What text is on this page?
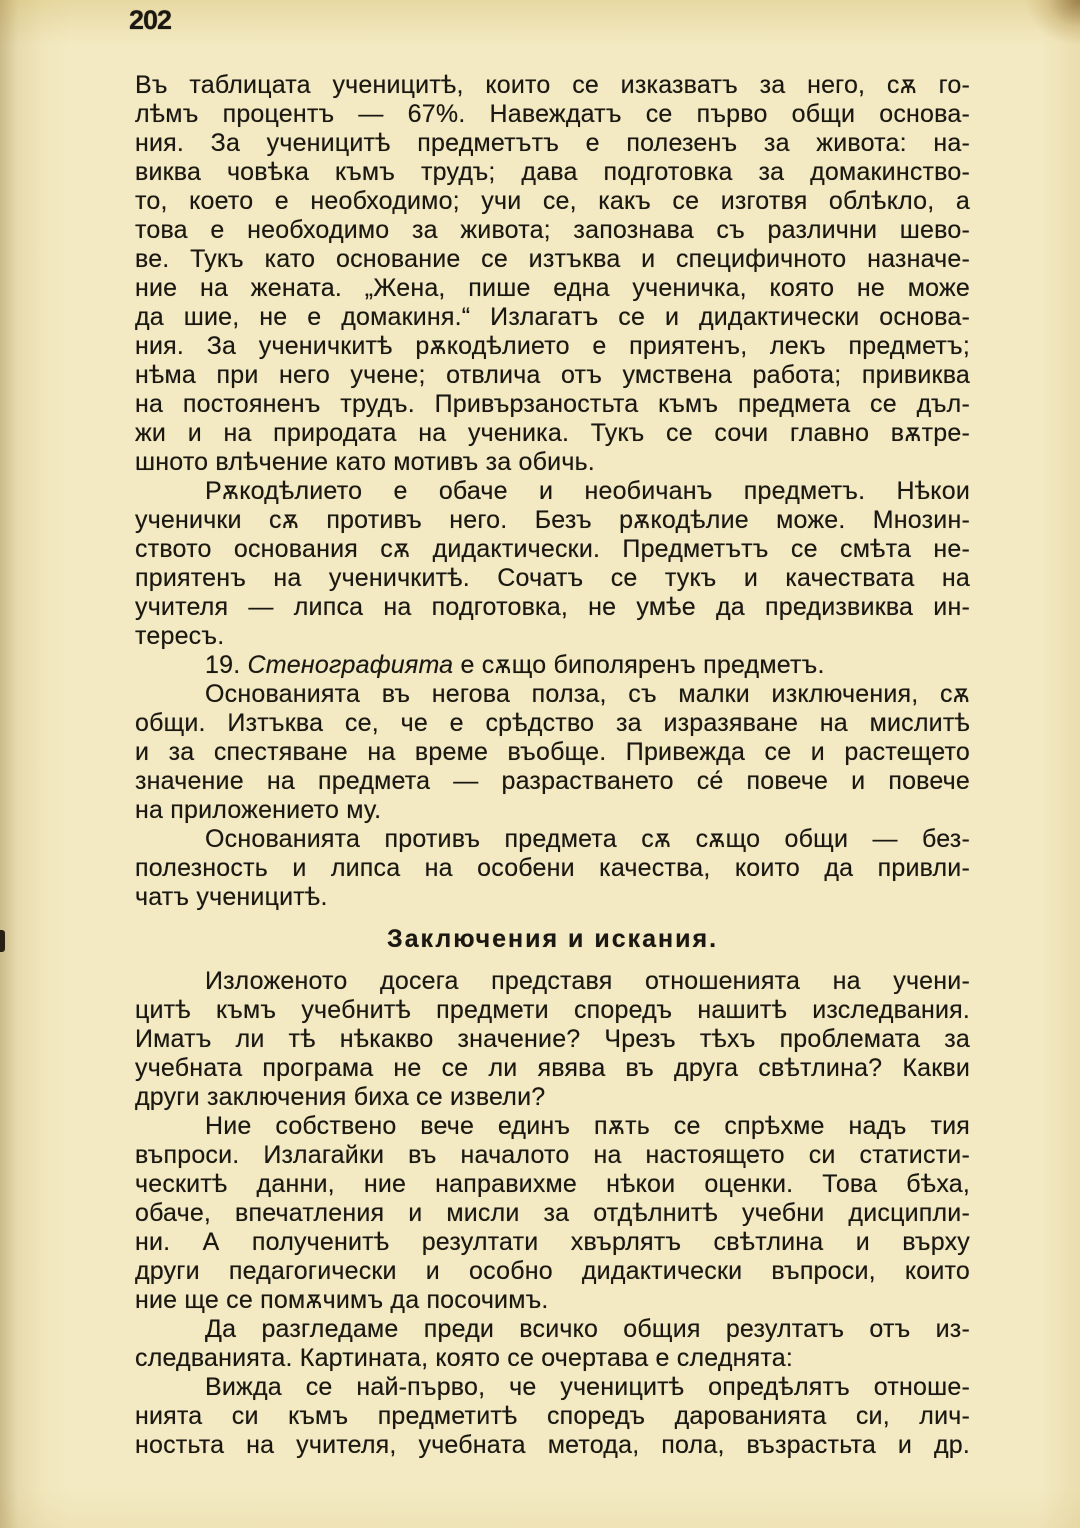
202
Въ таблицата ученицитѣ, които се изказватъ за него, сѫ го-
лѣмъ процентъ — 67%. Навеждатъ се първо общи основа-
ния. За ученицитѣ предметътъ е полезенъ за живота: на-
виква човѣка къмъ трудъ; дава подготовка за домакинство-
то, което е необходимо; учи се, какъ се изготвя облѣкло, а
това е необходимо за живота; запознава съ различни шево-
ве. Тукъ като основание се изтъква и специфичното назначе-
ние на жената. „Жена, пише една ученичка, която не може
да шие, не е домакиня.“ Излагатъ се и дидактически основа-
ния. За ученичкитѣ рѫкодѣлието е приятенъ, лекъ предметъ;
нѣма при него учене; отвлича отъ умствена работа; привиква
на постояненъ трудъ. Привързаностьта къмъ предмета се дъл-
жи и на природата на ученика. Тукъ се сочи главно вѫтре-
шното влѣчение като мотивъ за обичь.
Рѫкодѣлието е обаче и необичанъ предметъ. Нѣкои
ученички сѫ противъ него. Безъ рѫкодѣлие може. Мнозин-
ството основания сѫ дидактически. Предметътъ се смѣта не-
приятенъ на ученичкитѣ. Сочатъ се тукъ и качествата на
учителя — липса на подготовка, не умѣе да предизвиква ин-
тересъ.
19. Стенографията е сѫщо биполяренъ предметъ.
Основанията въ негова полза, съ малки изключения, сѫ
общи. Изтъква се, че е срѣдство за изразяване на мислитѣ
и за спестяване на време въобще. Привежда се и растещето
значение на предмета — разрастването се́ повече и повече
на приложението му.
Основанията противъ предмета сѫ сѫщо общи — без-
полезность и липса на особени качества, които да привли-
чатъ ученицитѣ.
Заключения и искания.
Изложеното досега представя отношенията на учени-
цитѣ къмъ учебнитѣ предмети споредъ нашитѣ изследвания.
Иматъ ли тѣ нѣкакво значение? Чрезъ тѣхъ проблемата за
учебната програма не се ли явява въ друга свѣтлина? Какви
други заключения биха се извели?
Ние собствено вече единъ пѫть се спрѣхме надъ тия
въпроси. Излагайки въ началото на настоящето си статисти-
ческитѣ данни, ние направихме нѣкои оценки. Това бѣха,
обаче, впечатления и мисли за отдѣлнитѣ учебни дисципли-
ни. А полученитѣ резултати хвърлятъ свѣтлина и върху
други педагогически и особно дидактически въпроси, които
ние ще се помѫчимъ да посочимъ.
Да разгледаме преди всичко общия резултатъ отъ из-
следванията. Картината, която се очертава е следнята:
Вижда се най-първо, че ученицитѣ опредѣлятъ отноше-
нията си къмъ предметитѣ споредъ дарованията си, лич-
ностьта на учителя, учебната метода, пола, възрастьта и др.
